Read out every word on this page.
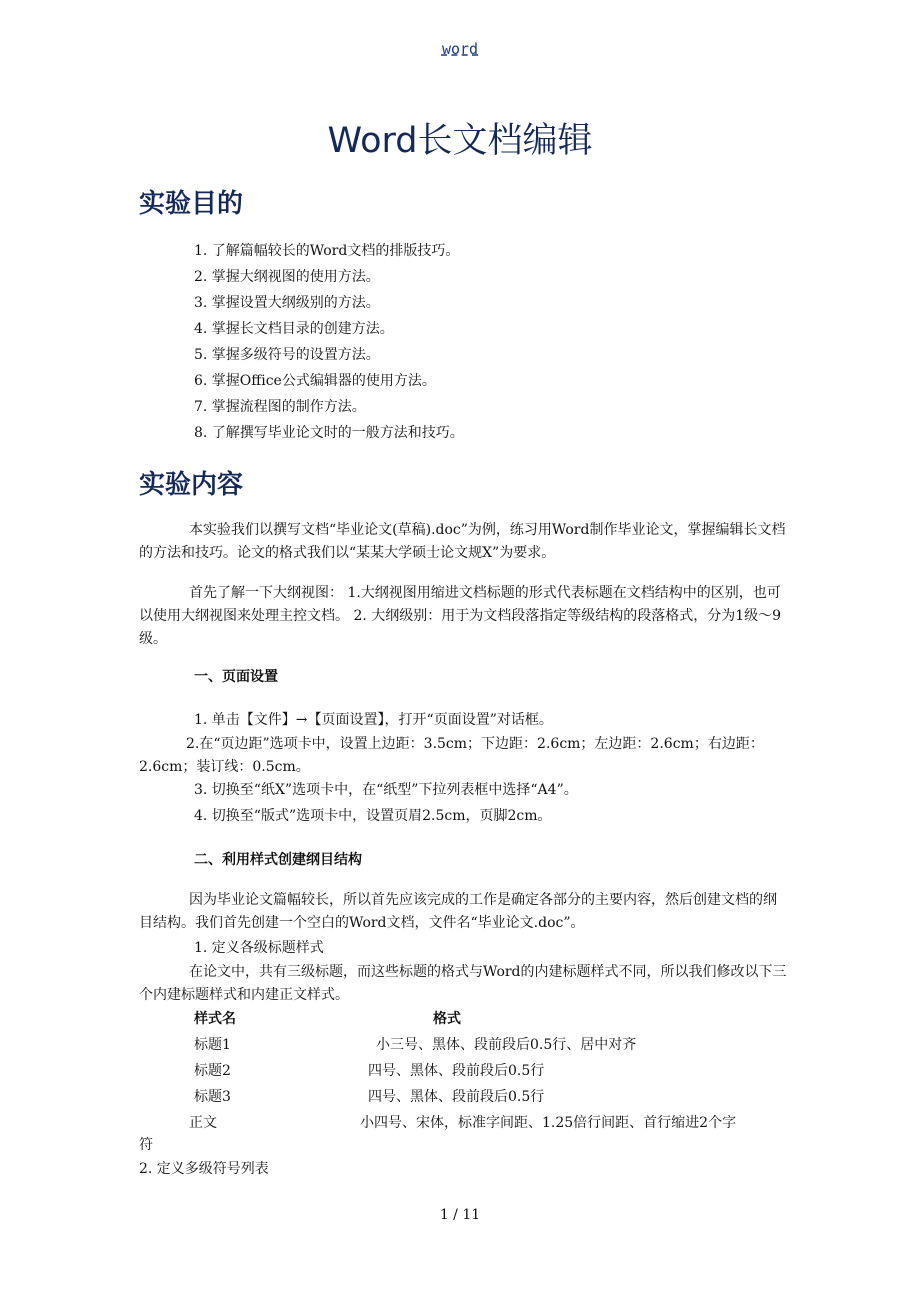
word
Word长文档编辑
实验目的
1. 了解篇幅较长的Word文档的排版技巧。
2. 掌握大纲视图的使用方法。
3. 掌握设置大纲级别的方法。
4. 掌握长文档目录的创建方法。
5. 掌握多级符号的设置方法。
6. 掌握Office公式编辑器的使用方法。
7. 掌握流程图的制作方法。
8. 了解撰写毕业论文时的一般方法和技巧。
实验内容
本实验我们以撰写文档“毕业论文(草稿).doc”为例，练习用Word制作毕业论文，掌握编辑长文档的方法和技巧。论文的格式我们以“某某大学硕士论文规X”为要求。
首先了解一下大纲视图： 1.大纲视图用缩进文档标题的形式代表标题在文档结构中的区别，也可以使用大纲视图来处理主控文档。 2. 大纲级别：用于为文档段落指定等级结构的段落格式，分为1级～9级。
一、页面设置
1. 单击【文件】→【页面设置】，打开“页面设置”对话框。
2.在“页边距”选项卡中，设置上边距：3.5cm；下边距：2.6cm；左边距：2.6cm；右边距：2.6cm；装订线：0.5cm。
3. 切换至“纸X”选项卡中，在“纸型”下拉列表框中选择“A4”。
4. 切换至“版式”选项卡中，设置页眉2.5cm，页脚2cm。
二、利用样式创建纲目结构
因为毕业论文篇幅较长，所以首先应该完成的工作是确定各部分的主要内容，然后创建文档的纲目结构。我们首先创建一个空白的Word文档，文件名“毕业论文.doc”。
1. 定义各级标题样式
在论文中，共有三级标题，而这些标题的格式与Word的内建标题样式不同，所以我们修改以下三个内建标题样式和内建正文样式。
样式名	格式
标题1	小三号、黑体、段前段后0.5行、居中对齐
标题2	四号、黑体、段前段后0.5行
标题3	四号、黑体、段前段后0.5行
正文	小四号、宋体，标准字间距、1.25倍行间距、首行缩进2个字
符
2. 定义多级符号列表
1 / 11
